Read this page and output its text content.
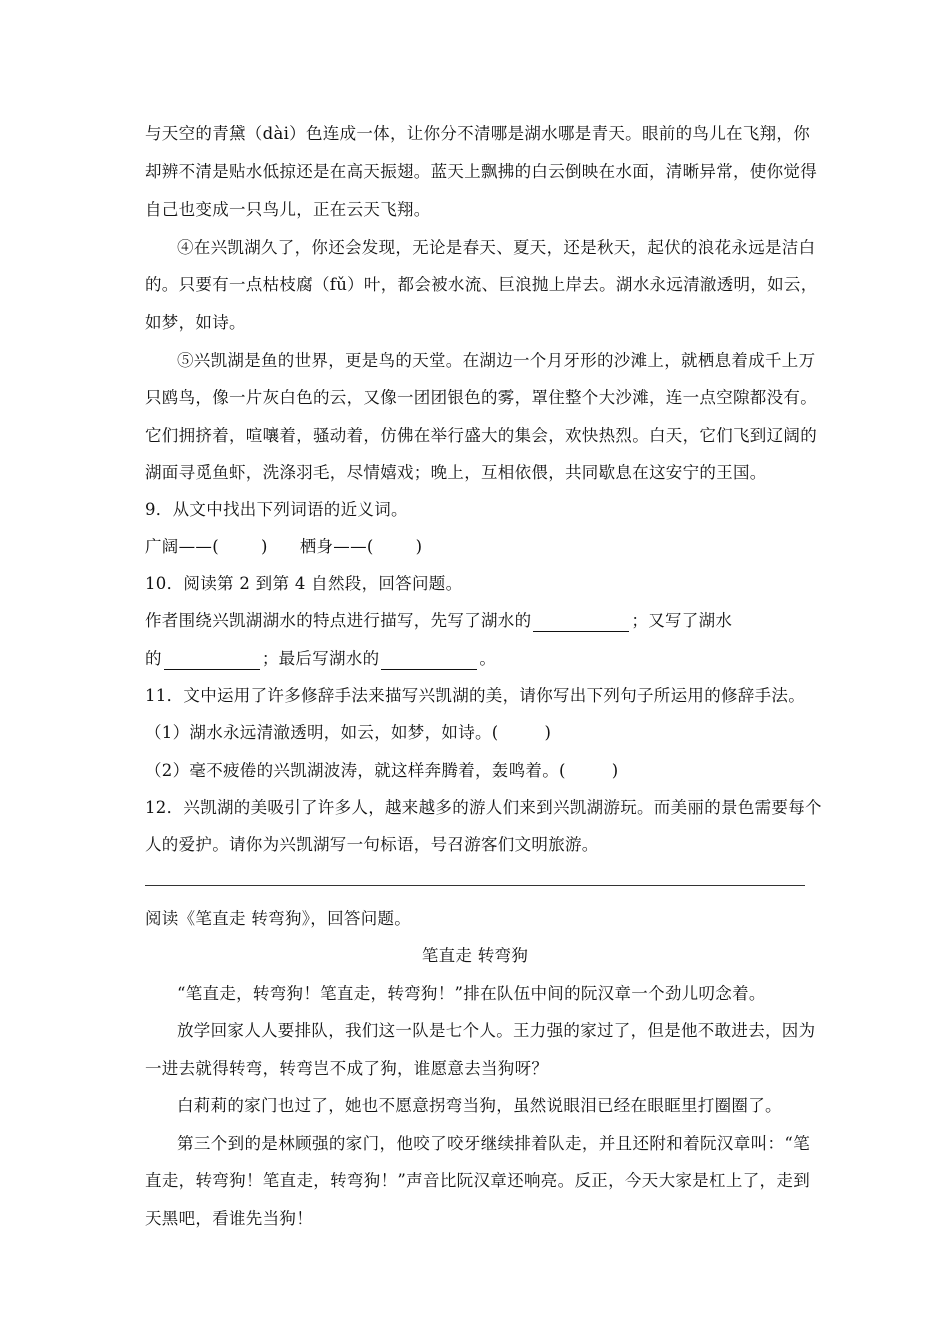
与天空的青黛（dài）色连成一体，让你分不清哪是湖水哪是青天。眼前的鸟儿在飞翔，你
却辨不清是贴水低掠还是在高天振翅。蓝天上飘拂的白云倒映在水面，清晰异常，使你觉得
自己也变成一只鸟儿，正在云天飞翔。
④在兴凯湖久了，你还会发现，无论是春天、夏天，还是秋天，起伏的浪花永远是洁白
的。只要有一点枯枝腐（fǔ）叶，都会被水流、巨浪抛上岸去。湖水永远清澈透明，如云，
如梦，如诗。
⑤兴凯湖是鱼的世界，更是鸟的天堂。在湖边一个月牙形的沙滩上，就栖息着成千上万
只鸥鸟，像一片灰白色的云，又像一团团银色的雾，罩住整个大沙滩，连一点空隙都没有。
它们拥挤着，喧嚷着，骚动着，仿佛在举行盛大的集会，欢快热烈。白天，它们飞到辽阔的
湖面寻觅鱼虾，洗涤羽毛，尽情嬉戏；晚上，互相依偎，共同歇息在这安宁的王国。
9．从文中找出下列词语的近义词。
广阔——(	) 栖身——(	)
10．阅读第 2 到第 4 自然段，回答问题。
作者围绕兴凯湖湖水的特点进行描写，先写了湖水的	；又写了湖水
的	；最后写湖水的	。
11．文中运用了许多修辞手法来描写兴凯湖的美，请你写出下列句子所运用的修辞手法。
（1）湖水永远清澈透明，如云，如梦，如诗。(	)
（2）毫不疲倦的兴凯湖波涛，就这样奔腾着，轰鸣着。(	)
12．兴凯湖的美吸引了许多人，越来越多的游人们来到兴凯湖游玩。而美丽的景色需要每个
人的爱护。请你为兴凯湖写一句标语，号召游客们文明旅游。
阅读《笔直走 转弯狗》，回答问题。
笔直走 转弯狗
“笔直走，转弯狗！笔直走，转弯狗！”排在队伍中间的阮汉章一个劲儿叨念着。
放学回家人人要排队，我们这一队是七个人。王力强的家过了，但是他不敢进去，因为
一进去就得转弯，转弯岂不成了狗，谁愿意去当狗呀？
白莉莉的家门也过了，她也不愿意拐弯当狗，虽然说眼泪已经在眼眶里打圈圈了。
第三个到的是林顾强的家门，他咬了咬牙继续排着队走，并且还附和着阮汉章叫：“笔
直走，转弯狗！笔直走，转弯狗！”声音比阮汉章还响亮。反正，今天大家是杠上了，走到
天黑吧，看谁先当狗！
